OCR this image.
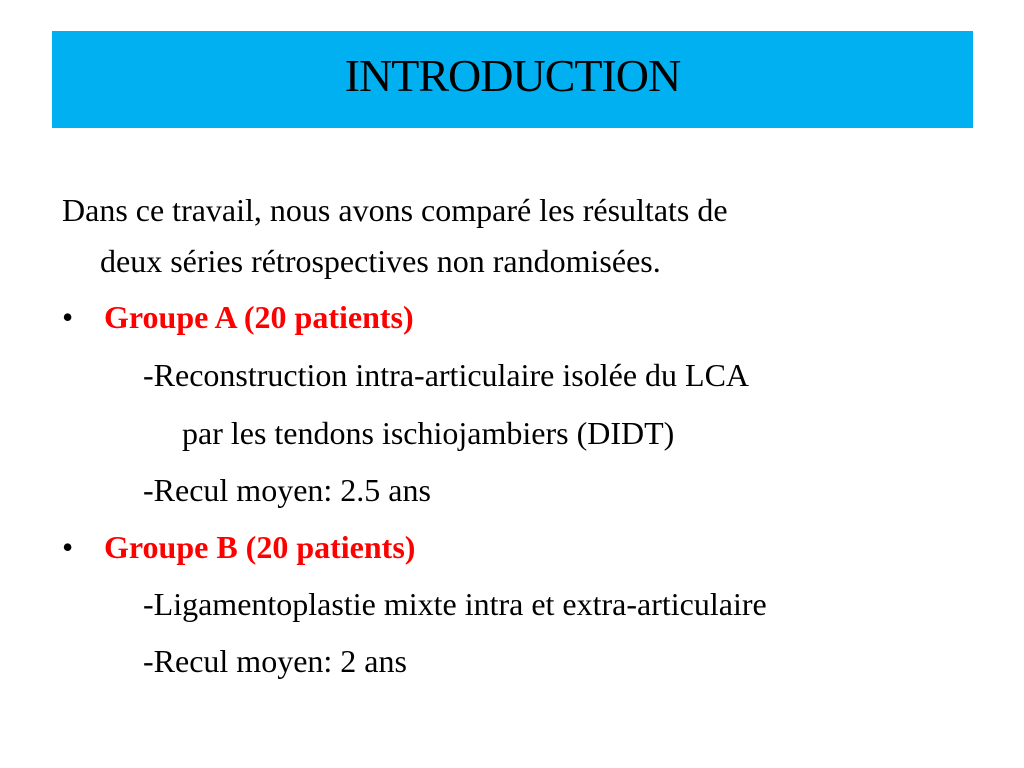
INTRODUCTION
Dans ce travail, nous avons comparé les résultats de
deux séries rétrospectives non randomisées.
• Groupe A (20 patients)
-Reconstruction intra-articulaire isolée du LCA
par les tendons ischiojambiers (DIDT)
-Recul moyen: 2.5 ans
• Groupe B (20 patients)
-Ligamentoplastie mixte intra et extra-articulaire
-Recul moyen: 2 ans
